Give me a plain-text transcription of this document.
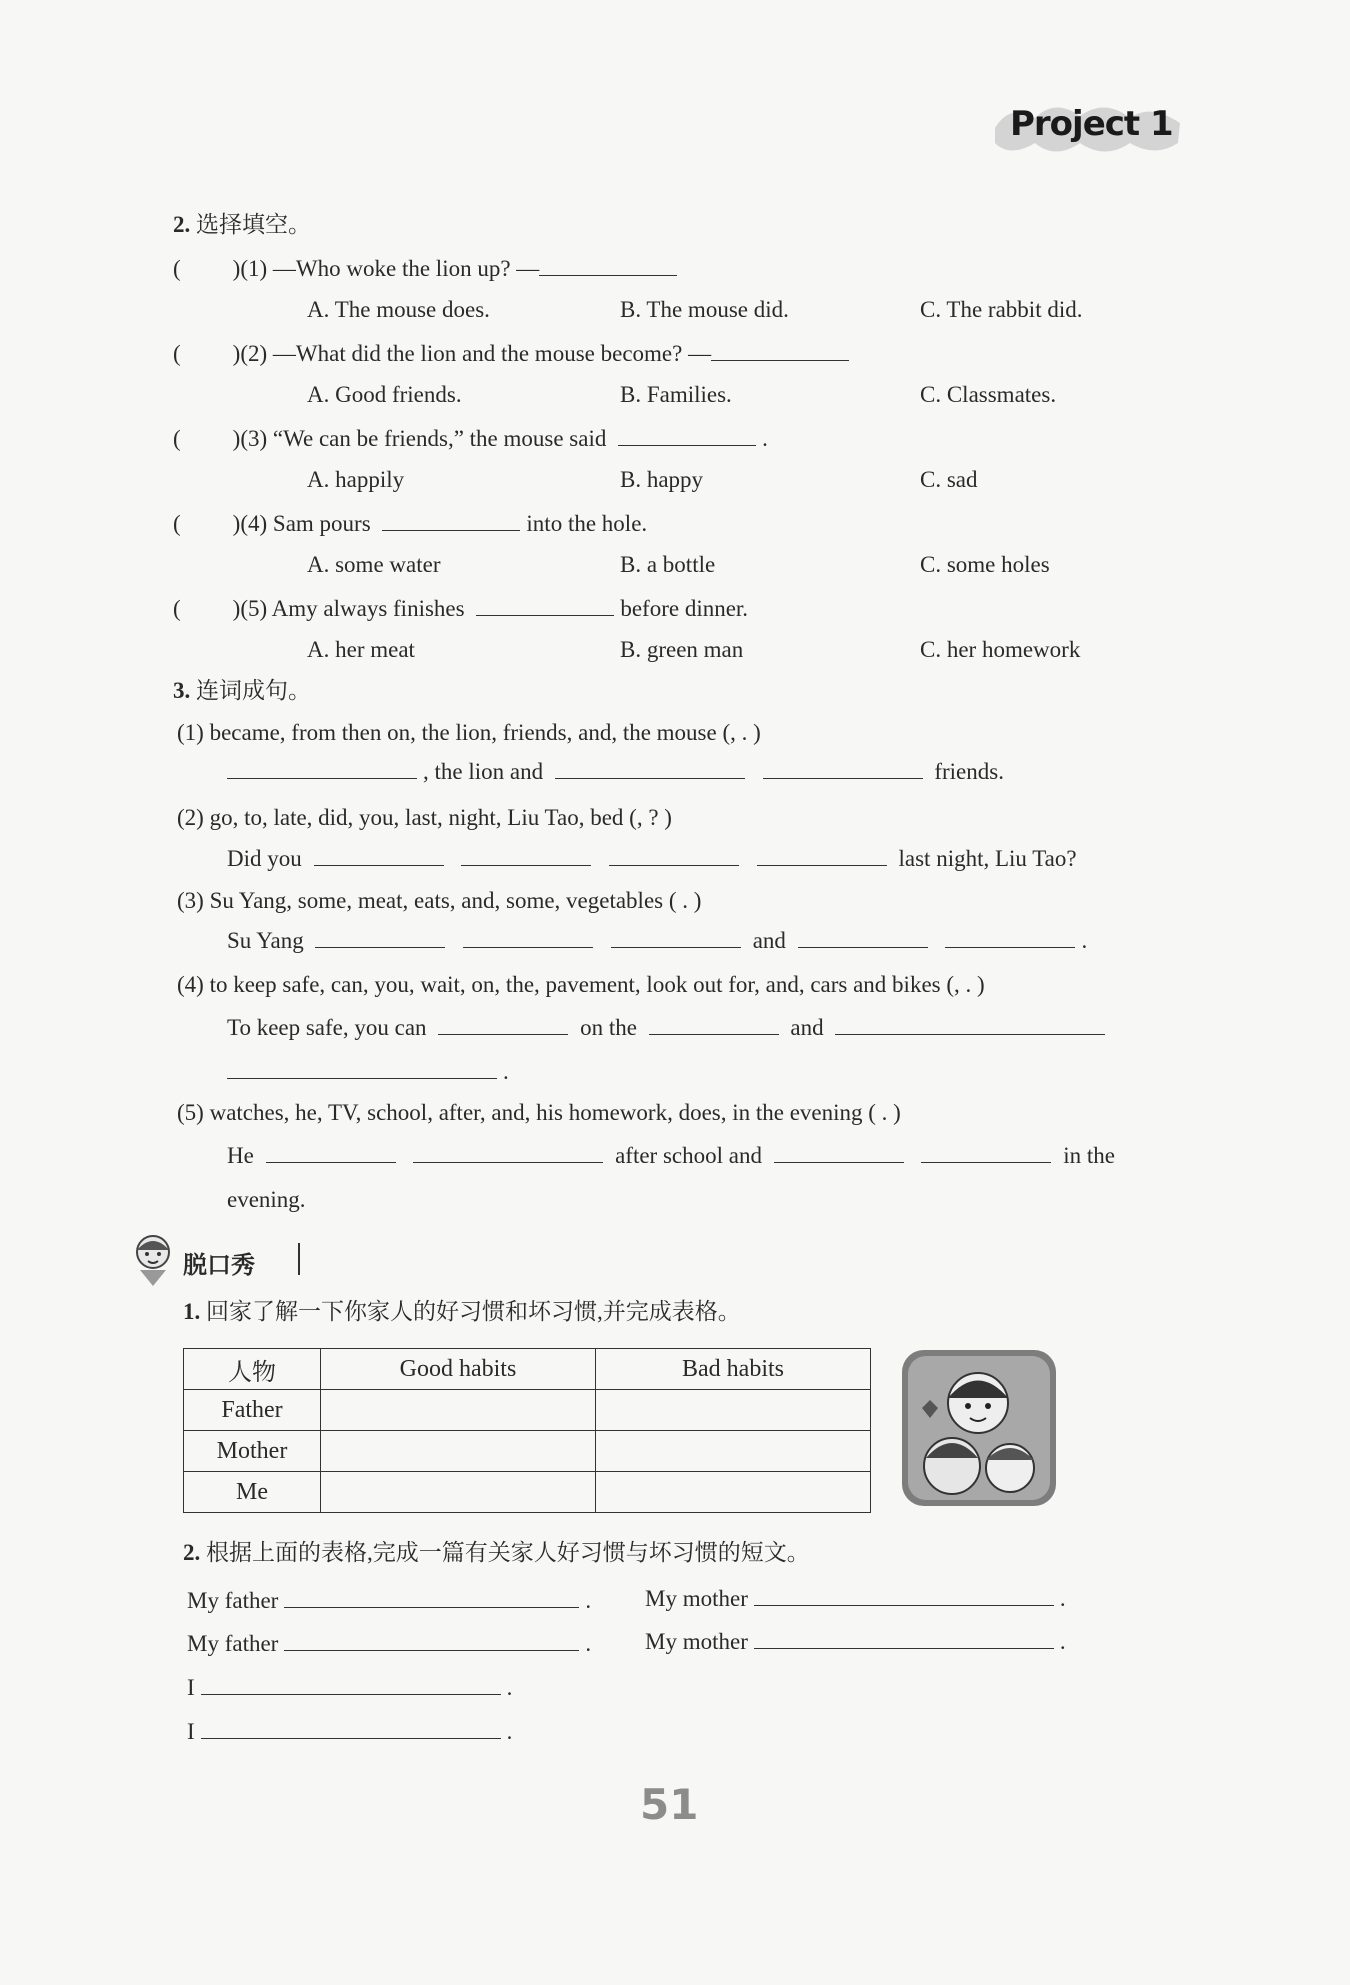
Project 1
2. 选择填空。
( )(1) —Who woke the lion up? —
A. The mouse does.	B. The mouse did.	C. The rabbit did.
( )(2) —What did the lion and the mouse become? —
A. Good friends.	B. Families.	C. Classmates.
( )(3) “We can be friends,” the mouse said	.
A. happily	B. happy	C. sad
( )(4) Sam pours	into the hole.
A. some water	B. a bottle	C. some holes
( )(5) Amy always finishes	before dinner.
A. her meat	B. green man	C. her homework
3. 连词成句。
(1) became, from then on, the lion, friends, and, the mouse (, . )
, the lion and	friends.
(2) go, to, late, did, you, last, night, Liu Tao, bed (, ? )
Did you	last night, Liu Tao?
(3) Su Yang, some, meat, eats, and, some, vegetables ( . )
Su Yang	and	.
(4) to keep safe, can, you, wait, on, the, pavement, look out for, and, cars and bikes (, . )
To keep safe, you can	on the	and
.
(5) watches, he, TV, school, after, and, his homework, does, in the evening ( . )
He	after school and	in the
evening.
脱口秀
1. 回家了解一下你家人的好习惯和坏习惯,并完成表格。
人物	Good habits	Bad habits
Father		
Mother		
Me		
2. 根据上面的表格,完成一篇有关家人好习惯与坏习惯的短文。
My father	. My mother	.
My father	. My mother	.
I	.
I	.
51
